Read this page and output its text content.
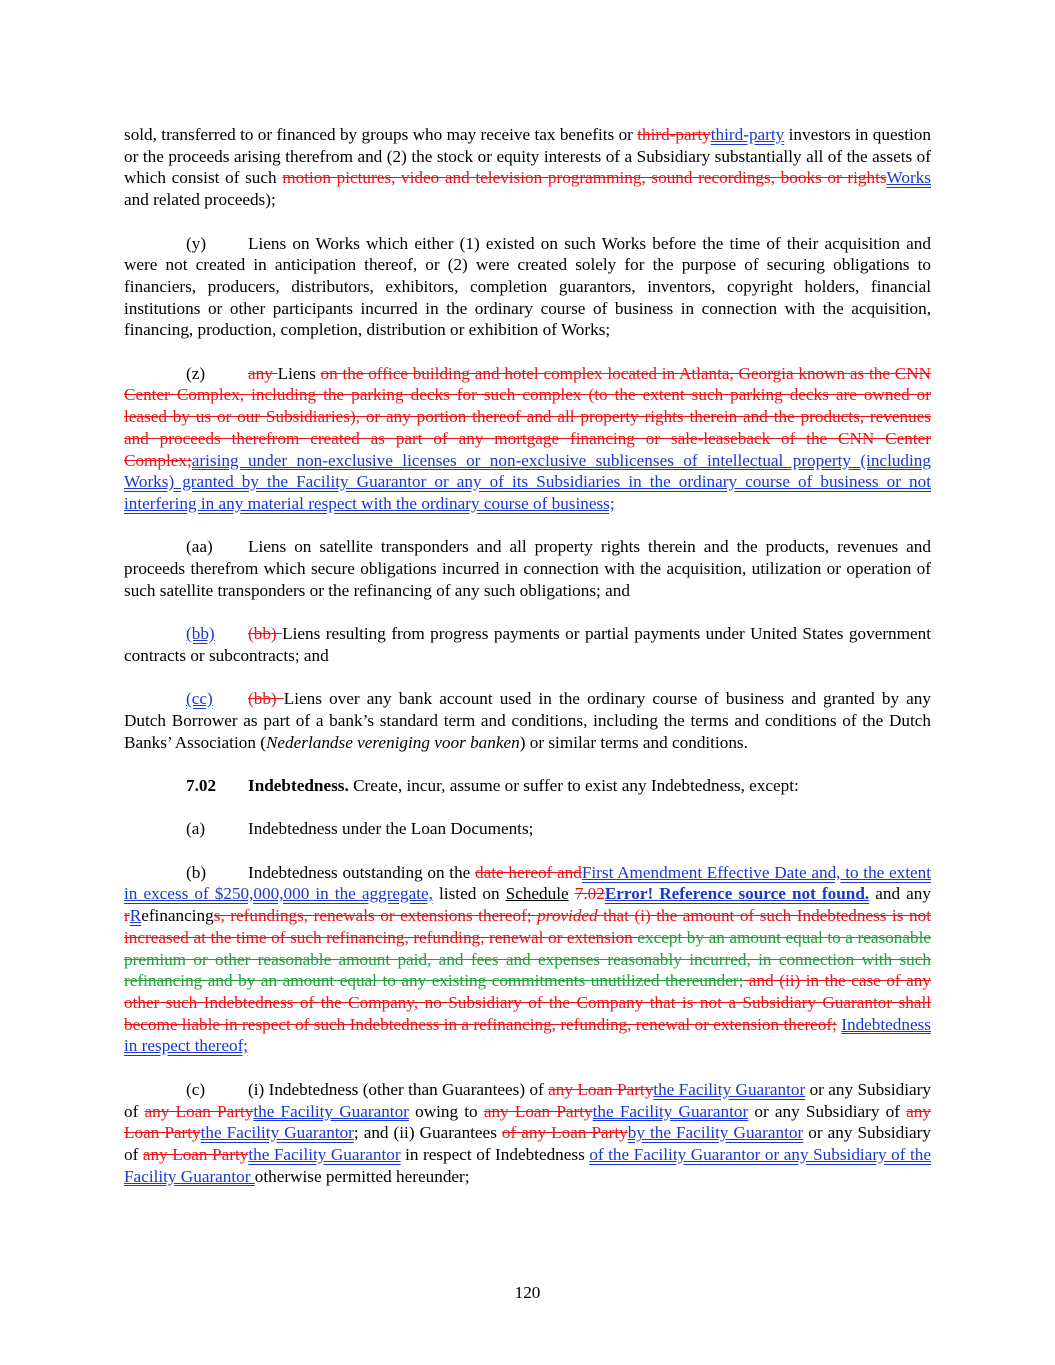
sold, transferred to or financed by groups who may receive tax benefits or third-partythird-party investors in question or the proceeds arising therefrom and (2) the stock or equity interests of a Subsidiary substantially all of the assets of which consist of such motion pictures, video and television programming, sound recordings, books or rightsWorks and related proceeds);

(y) Liens on Works which either (1) existed on such Works before the time of their acquisition and were not created in anticipation thereof, or (2) were created solely for the purpose of securing obligations to financiers, producers, distributors, exhibitors, completion guarantors, inventors, copyright holders, financial institutions or other participants incurred in the ordinary course of business in connection with the acquisition, financing, production, completion, distribution or exhibition of Works;

(z) any Liens on the office building and hotel complex located in Atlanta, Georgia known as the CNN Center Complex, including the parking decks for such complex (to the extent such parking decks are owned or leased by us or our Subsidiaries), or any portion thereof and all property rights therein and the products, revenues and proceeds therefrom created as part of any mortgage financing or sale-leaseback of the CNN Center Complex;arising under non-exclusive licenses or non-exclusive sublicenses of intellectual property (including Works) granted by the Facility Guarantor or any of its Subsidiaries in the ordinary course of business or not interfering in any material respect with the ordinary course of business;

(aa) Liens on satellite transponders and all property rights therein and the products, revenues and proceeds therefrom which secure obligations incurred in connection with the acquisition, utilization or operation of such satellite transponders or the refinancing of any such obligations; and

(bb) (bb) Liens resulting from progress payments or partial payments under United States government contracts or subcontracts; and

(cc) (bb) Liens over any bank account used in the ordinary course of business and granted by any Dutch Borrower as part of a bank’s standard term and conditions, including the terms and conditions of the Dutch Banks’ Association (Nederlandse vereniging voor banken) or similar terms and conditions.

7.02 Indebtedness. Create, incur, assume or suffer to exist any Indebtedness, except:

(a) Indebtedness under the Loan Documents;

(b) Indebtedness outstanding on the date hereof andFirst Amendment Effective Date and, to the extent in excess of $250,000,000 in the aggregate, listed on Schedule 7.02Error! Reference source not found. and any rRefinancings, refundings, renewals or extensions thereof; provided that (i) the amount of such Indebtedness is not increased at the time of such refinancing, refunding, renewal or extension except by an amount equal to a reasonable premium or other reasonable amount paid, and fees and expenses reasonably incurred, in connection with such refinancing and by an amount equal to any existing commitments unutilized thereunder; and (ii) in the case of any other such Indebtedness of the Company, no Subsidiary of the Company that is not a Subsidiary Guarantor shall become liable in respect of such Indebtedness in a refinancing, refunding, renewal or extension thereof; Indebtedness in respect thereof;

(c) (i) Indebtedness (other than Guarantees) of any Loan Partythe Facility Guarantor or any Subsidiary of any Loan Partythe Facility Guarantor owing to any Loan Partythe Facility Guarantor or any Subsidiary of any Loan Partythe Facility Guarantor; and (ii) Guarantees of any Loan Partyby the Facility Guarantor or any Subsidiary of any Loan Partythe Facility Guarantor in respect of Indebtedness of the Facility Guarantor or any Subsidiary of the Facility Guarantor otherwise permitted hereunder;

120
